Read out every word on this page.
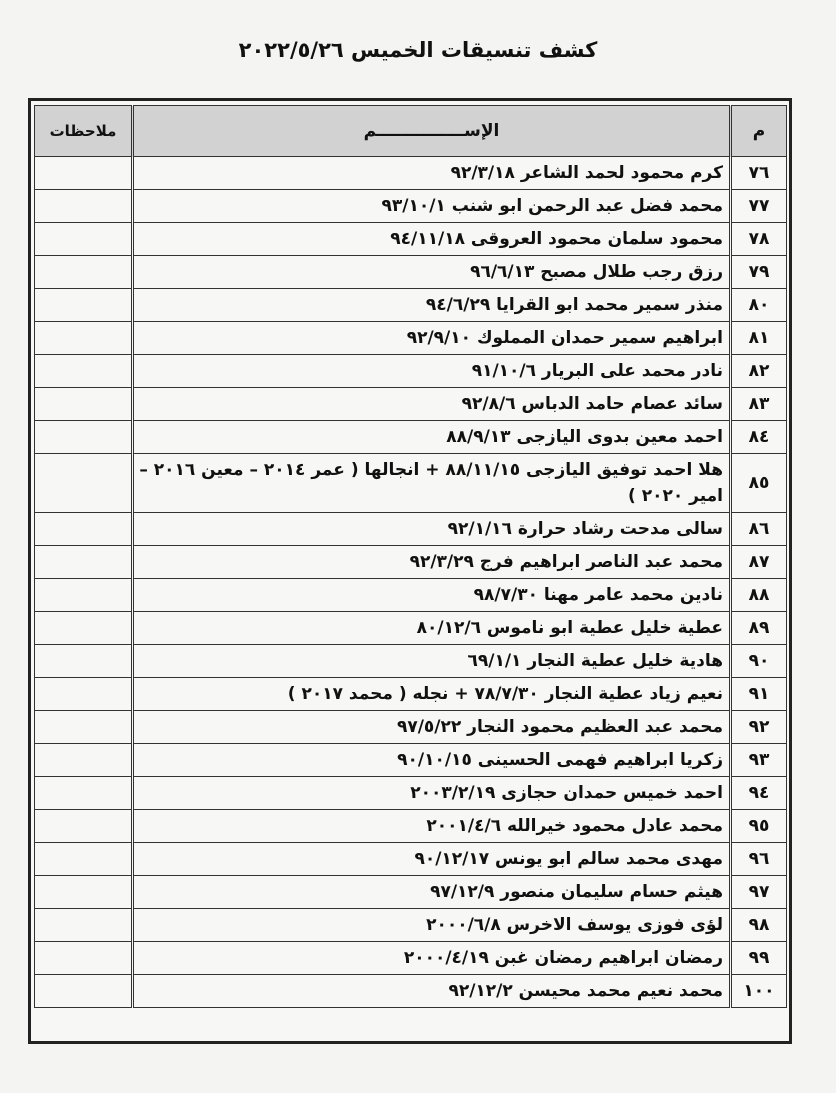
كشف تنسيقات الخميس ٢٠٢٢/٥/٢٦
م	الإســـــــــــــــم	ملاحظات
٧٦	كرم محمود لحمد الشاعر ٩٢/٣/١٨	
٧٧	محمد فضل عبد الرحمن ابو شنب ٩٣/١٠/١	
٧٨	محمود سلمان محمود العروقى ٩٤/١١/١٨	
٧٩	رزق رجب طلال مصبح ٩٦/٦/١٣	
٨٠	منذر سمير محمد ابو القرايا ٩٤/٦/٢٩	
٨١	ابراهيم سمير حمدان المملوك ٩٢/٩/١٠	
٨٢	نادر محمد على البريار ٩١/١٠/٦	
٨٣	سائد عصام حامد الدباس ٩٢/٨/٦	
٨٤	احمد معين بدوى اليازجى ٨٨/٩/١٣	
٨٥	هلا احمد توفيق اليازجى ٨٨/١١/١٥ + انجالها ( عمر ٢٠١٤ – معين ٢٠١٦ – امير ٢٠٢٠ )	
٨٦	سالى مدحت رشاد حرارة ٩٢/١/١٦	
٨٧	محمد عبد الناصر ابراهيم فرج ٩٢/٣/٢٩	
٨٨	نادين محمد عامر مهنا ٩٨/٧/٣٠	
٨٩	عطية خليل عطية ابو ناموس ٨٠/١٢/٦	
٩٠	هادية خليل عطية النجار ٦٩/١/١	
٩١	نعيم زياد عطية النجار ٧٨/٧/٣٠ + نجله ( محمد ٢٠١٧ )	
٩٢	محمد عبد العظيم محمود النجار ٩٧/٥/٢٢	
٩٣	زكريا ابراهيم فهمى الحسينى ٩٠/١٠/١٥	
٩٤	احمد خميس حمدان حجازى ٢٠٠٣/٢/١٩	
٩٥	محمد عادل محمود خيرالله ٢٠٠١/٤/٦	
٩٦	مهدى محمد سالم ابو يونس ٩٠/١٢/١٧	
٩٧	هيثم حسام سليمان منصور ٩٧/١٢/٩	
٩٨	لؤى فوزى يوسف الاخرس ٢٠٠٠/٦/٨	
٩٩	رمضان ابراهيم رمضان غبن ٢٠٠٠/٤/١٩	
١٠٠	محمد نعيم محمد محيسن ٩٢/١٢/٢	
